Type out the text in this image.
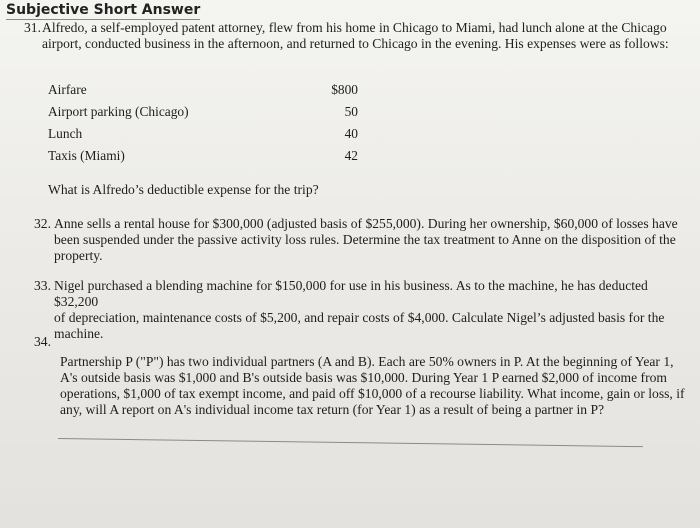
Subjective Short Answer
31. Alfredo, a self-employed patent attorney, flew from his home in Chicago to Miami, had lunch alone at the Chicago
airport, conducted business in the afternoon, and returned to Chicago in the evening. His expenses were as follows:
Airfare	$800
Airport parking (Chicago)	50
Lunch	40
Taxis (Miami)	42
What is Alfredo’s deductible expense for the trip?
32. Anne sells a rental house for $300,000 (adjusted basis of $255,000). During her ownership, $60,000 of losses have
been suspended under the passive activity loss rules. Determine the tax treatment to Anne on the disposition of the
property.
33. Nigel purchased a blending machine for $150,000 for use in his business. As to the machine, he has deducted $32,200
of depreciation, maintenance costs of $5,200, and repair costs of $4,000. Calculate Nigel’s adjusted basis for the
machine.
34.
Partnership P ("P") has two individual partners (A and B). Each are 50% owners in P. At the beginning of Year 1,
A's outside basis was $1,000 and B's outside basis was $10,000. During Year 1 P earned $2,000 of income from
operations, $1,000 of tax exempt income, and paid off $10,000 of a recourse liability. What income, gain or loss, if
any, will A report on A's individual income tax return (for Year 1) as a result of being a partner in P?
